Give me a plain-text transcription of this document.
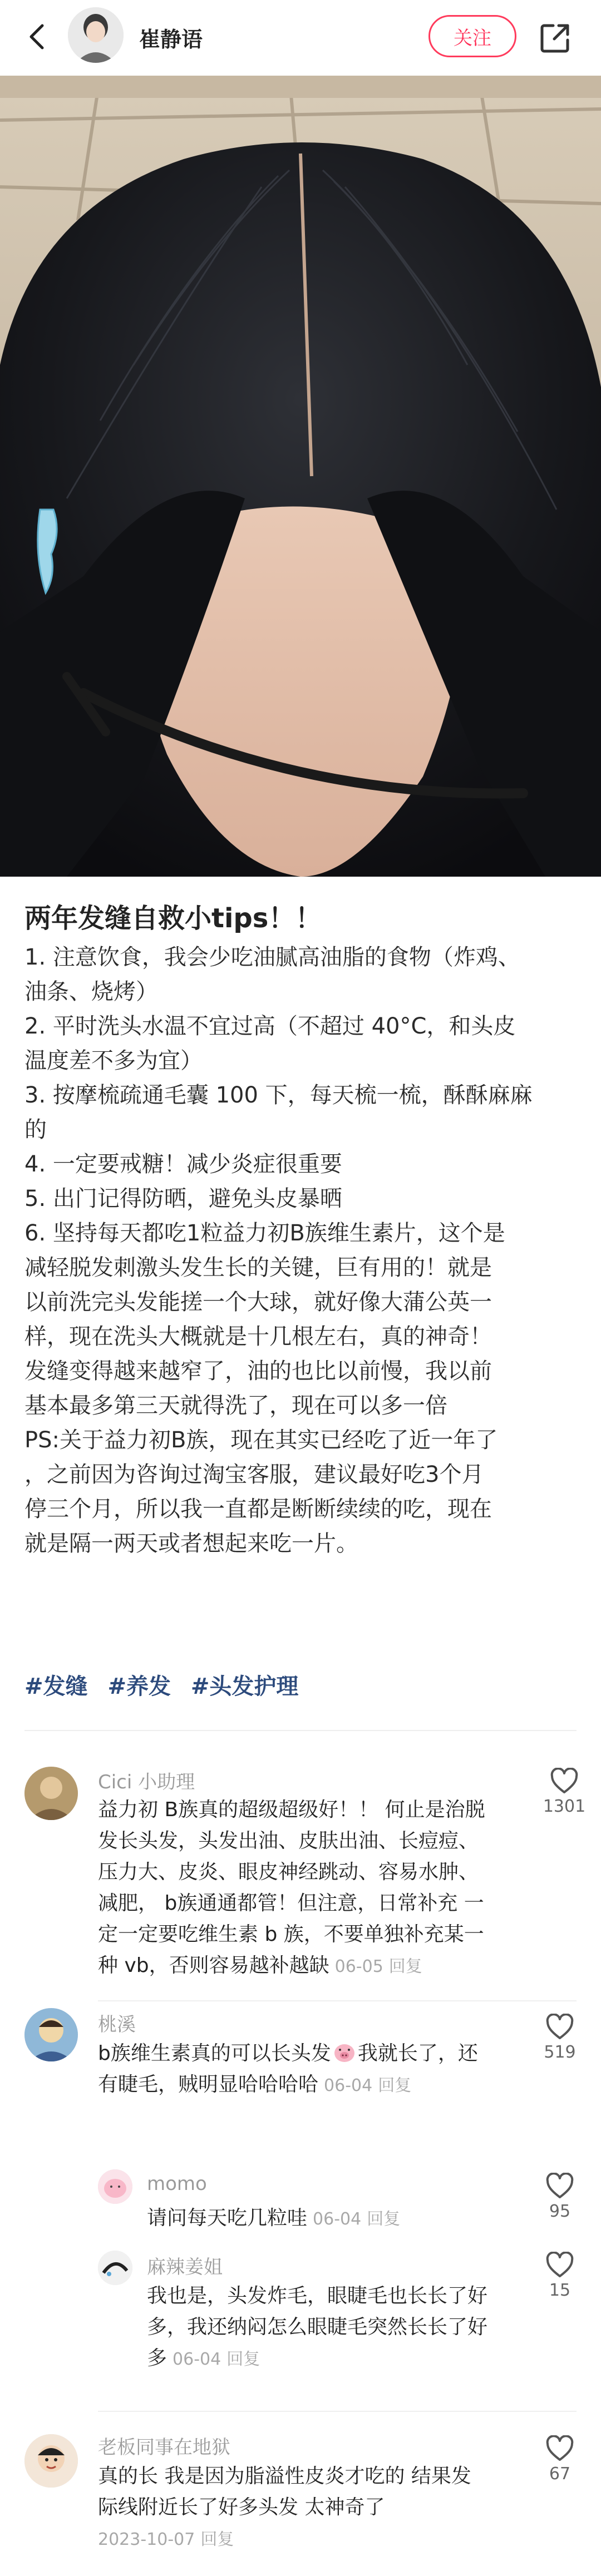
崔静语	关注
两年发缝自救小tips！！

1. 注意饮食，我会少吃油腻高油脂的食物（炸鸡、

油条、烧烤）

2. 平时洗头水温不宜过高（不超过 40°C，和头皮

温度差不多为宜）

3. 按摩梳疏通毛囊 100 下，每天梳一梳，酥酥麻麻

的

4. 一定要戒糖！减少炎症很重要

5. 出门记得防晒，避免头皮暴晒

6. 坚持每天都吃1粒益力初B族维生素片，这个是

减轻脱发刺激头发生长的关键，巨有用的！就是

以前洗完头发能搓一个大球，就好像大蒲公英一

样，现在洗头大概就是十几根左右，真的神奇！

发缝变得越来越窄了，油的也比以前慢，我以前

基本最多第三天就得洗了，现在可以多一倍

PS:关于益力初B族，现在其实已经吃了近一年了

，之前因为咨询过淘宝客服，建议最好吃3个月

停三个月，所以我一直都是断断续续的吃，现在

就是隔一两天或者想起来吃一片。

#发缝 #养发 #头发护理
Cici 小助理
益力初 B族真的超级超级好！！ 何止是治脱
发长头发，头发出油、皮肤出油、长痘痘、
压力大、皮炎、眼皮神经跳动、容易水肿、
减肥， b族通通都管！但注意，日常补充 一
定一定要吃维生素 b 族，不要单独补充某一
种 vb，否则容易越补越缺 06-05 回复
1301
桃溪
b族维生素真的可以长头发 我就长了，还
有睫毛，贼明显哈哈哈哈 06-04 回复
519
momo
请问每天吃几粒哇 06-04 回复	95
麻辣姜姐
我也是，头发炸毛，眼睫毛也长长了好
多，我还纳闷怎么眼睫毛突然长长了好
多 06-04 回复
15
老板同事在地狱
真的长 我是因为脂溢性皮炎才吃的 结果发
际线附近长了好多头发 太神奇了
2023-10-07 回复
67
